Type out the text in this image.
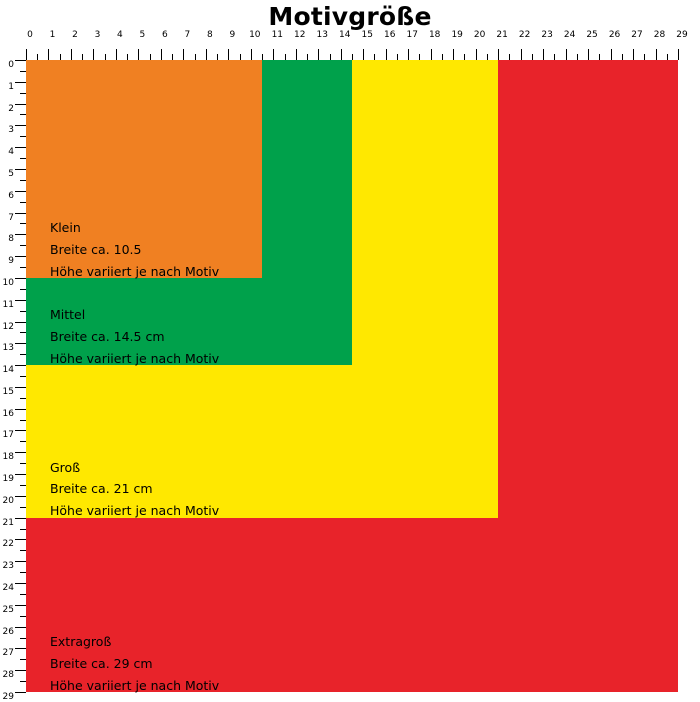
Motivgröße
0 1 2 3 4 5 6 7 8 9 10 11 12 13 14 15 16 17 18 19 20 21 22 23 24 25 26 27 28 29
0
1
2
3
4
5
6
7
8
9
10
11
12
13
14
15
16
17
18
19
20
21
22
23
24
25
26
27
28
29
Extragroß
Breite ca. 29 cm
Höhe variiert je nach Motiv
Groß
Breite ca. 21 cm
Höhe variiert je nach Motiv
Mittel
Breite ca. 14.5 cm
Höhe variiert je nach Motiv
Klein
Breite ca. 10.5
Höhe variiert je nach Motiv
